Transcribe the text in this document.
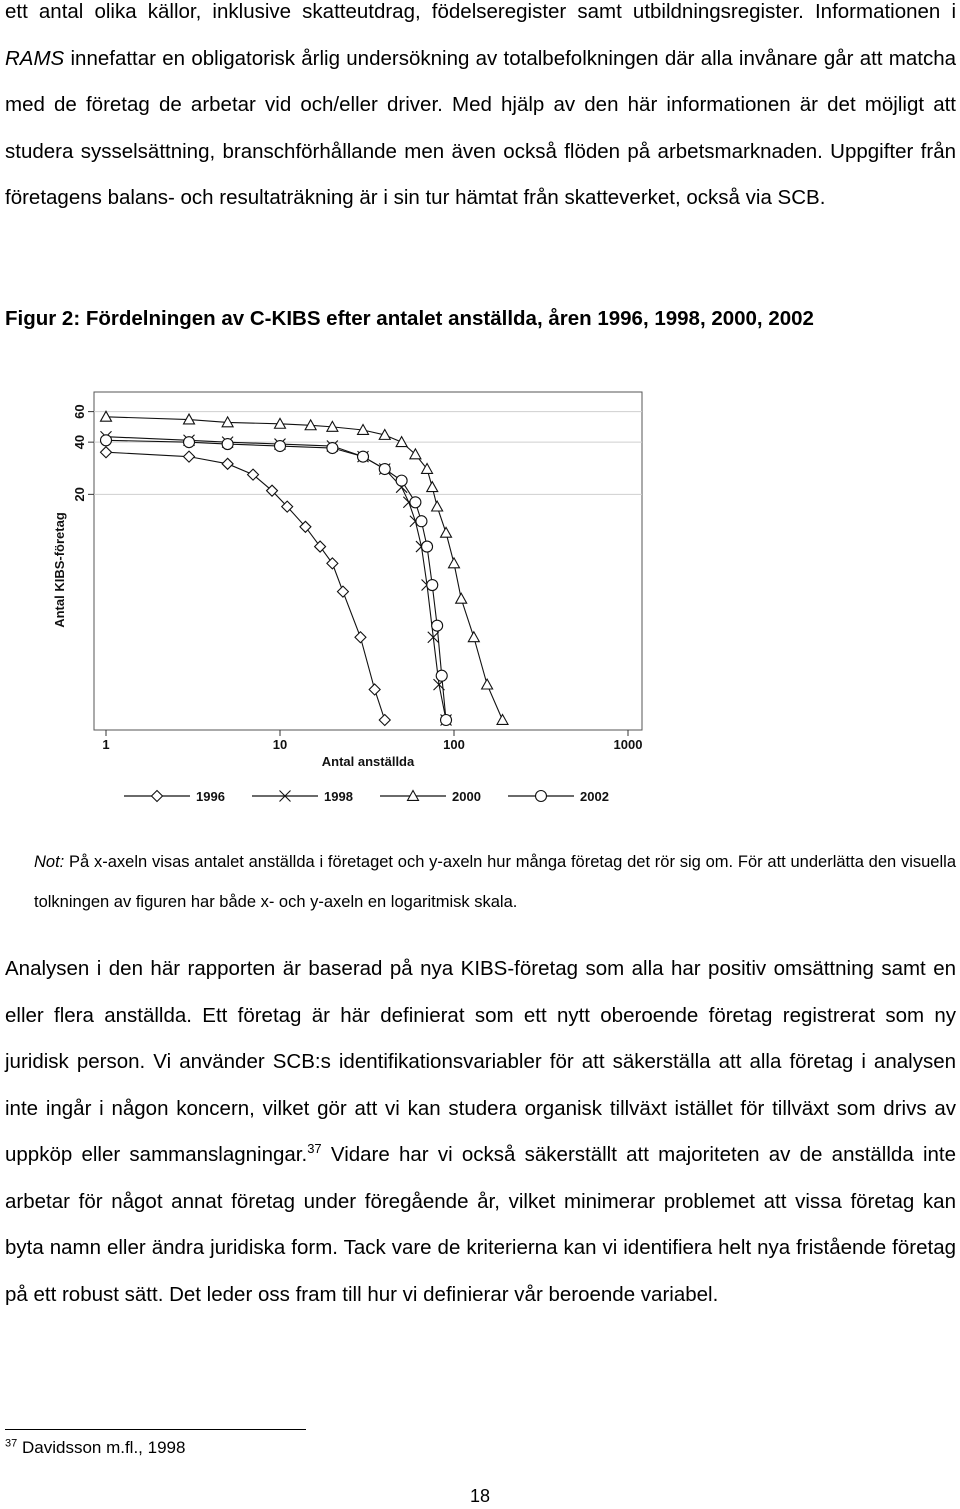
ett antal olika källor, inklusive skatteutdrag, födelseregister samt utbildningsregister. Informationen i RAMS innefattar en obligatorisk årlig undersökning av totalbefolkningen där alla invånare går att matcha med de företag de arbetar vid och/eller driver. Med hjälp av den här informationen är det möjligt att studera sysselsättning, branschförhållande men även också flöden på arbetsmarknaden. Uppgifter från företagens balans- och resultaträkning är i sin tur hämtat från skatteverket, också via SCB.
Figur 2: Fördelningen av C-KIBS efter antalet anställda, åren 1996, 1998, 2000, 2002
20
40
60
1	10	100	1000
Antal KIBS-företag
Antal anställda
1996	1998	2000	2002
Not: På x-axeln visas antalet anställda i företaget och y-axeln hur många företag det rör sig om. För att underlätta den visuella tolkningen av figuren har både x- och y-axeln en logaritmisk skala.
Analysen i den här rapporten är baserad på nya KIBS-företag som alla har positiv omsättning samt en eller flera anställda. Ett företag är här definierat som ett nytt oberoende företag registrerat som ny juridisk person. Vi använder SCB:s identifikationsvariabler för att säkerställa att alla företag i analysen inte ingår i någon koncern, vilket gör att vi kan studera organisk tillväxt istället för tillväxt som drivs av uppköp eller sammanslagningar.$^{37}$ Vidare har vi också säkerställt att majoriteten av de anställda inte arbetar för något annat företag under föregående år, vilket minimerar problemet att vissa företag kan byta namn eller ändra juridiska form. Tack vare de kriterierna kan vi identifiera helt nya fristående företag på ett robust sätt. Det leder oss fram till hur vi definierar vår beroende variabel.
$^{37}$ Davidsson m.fl., 1998
18
